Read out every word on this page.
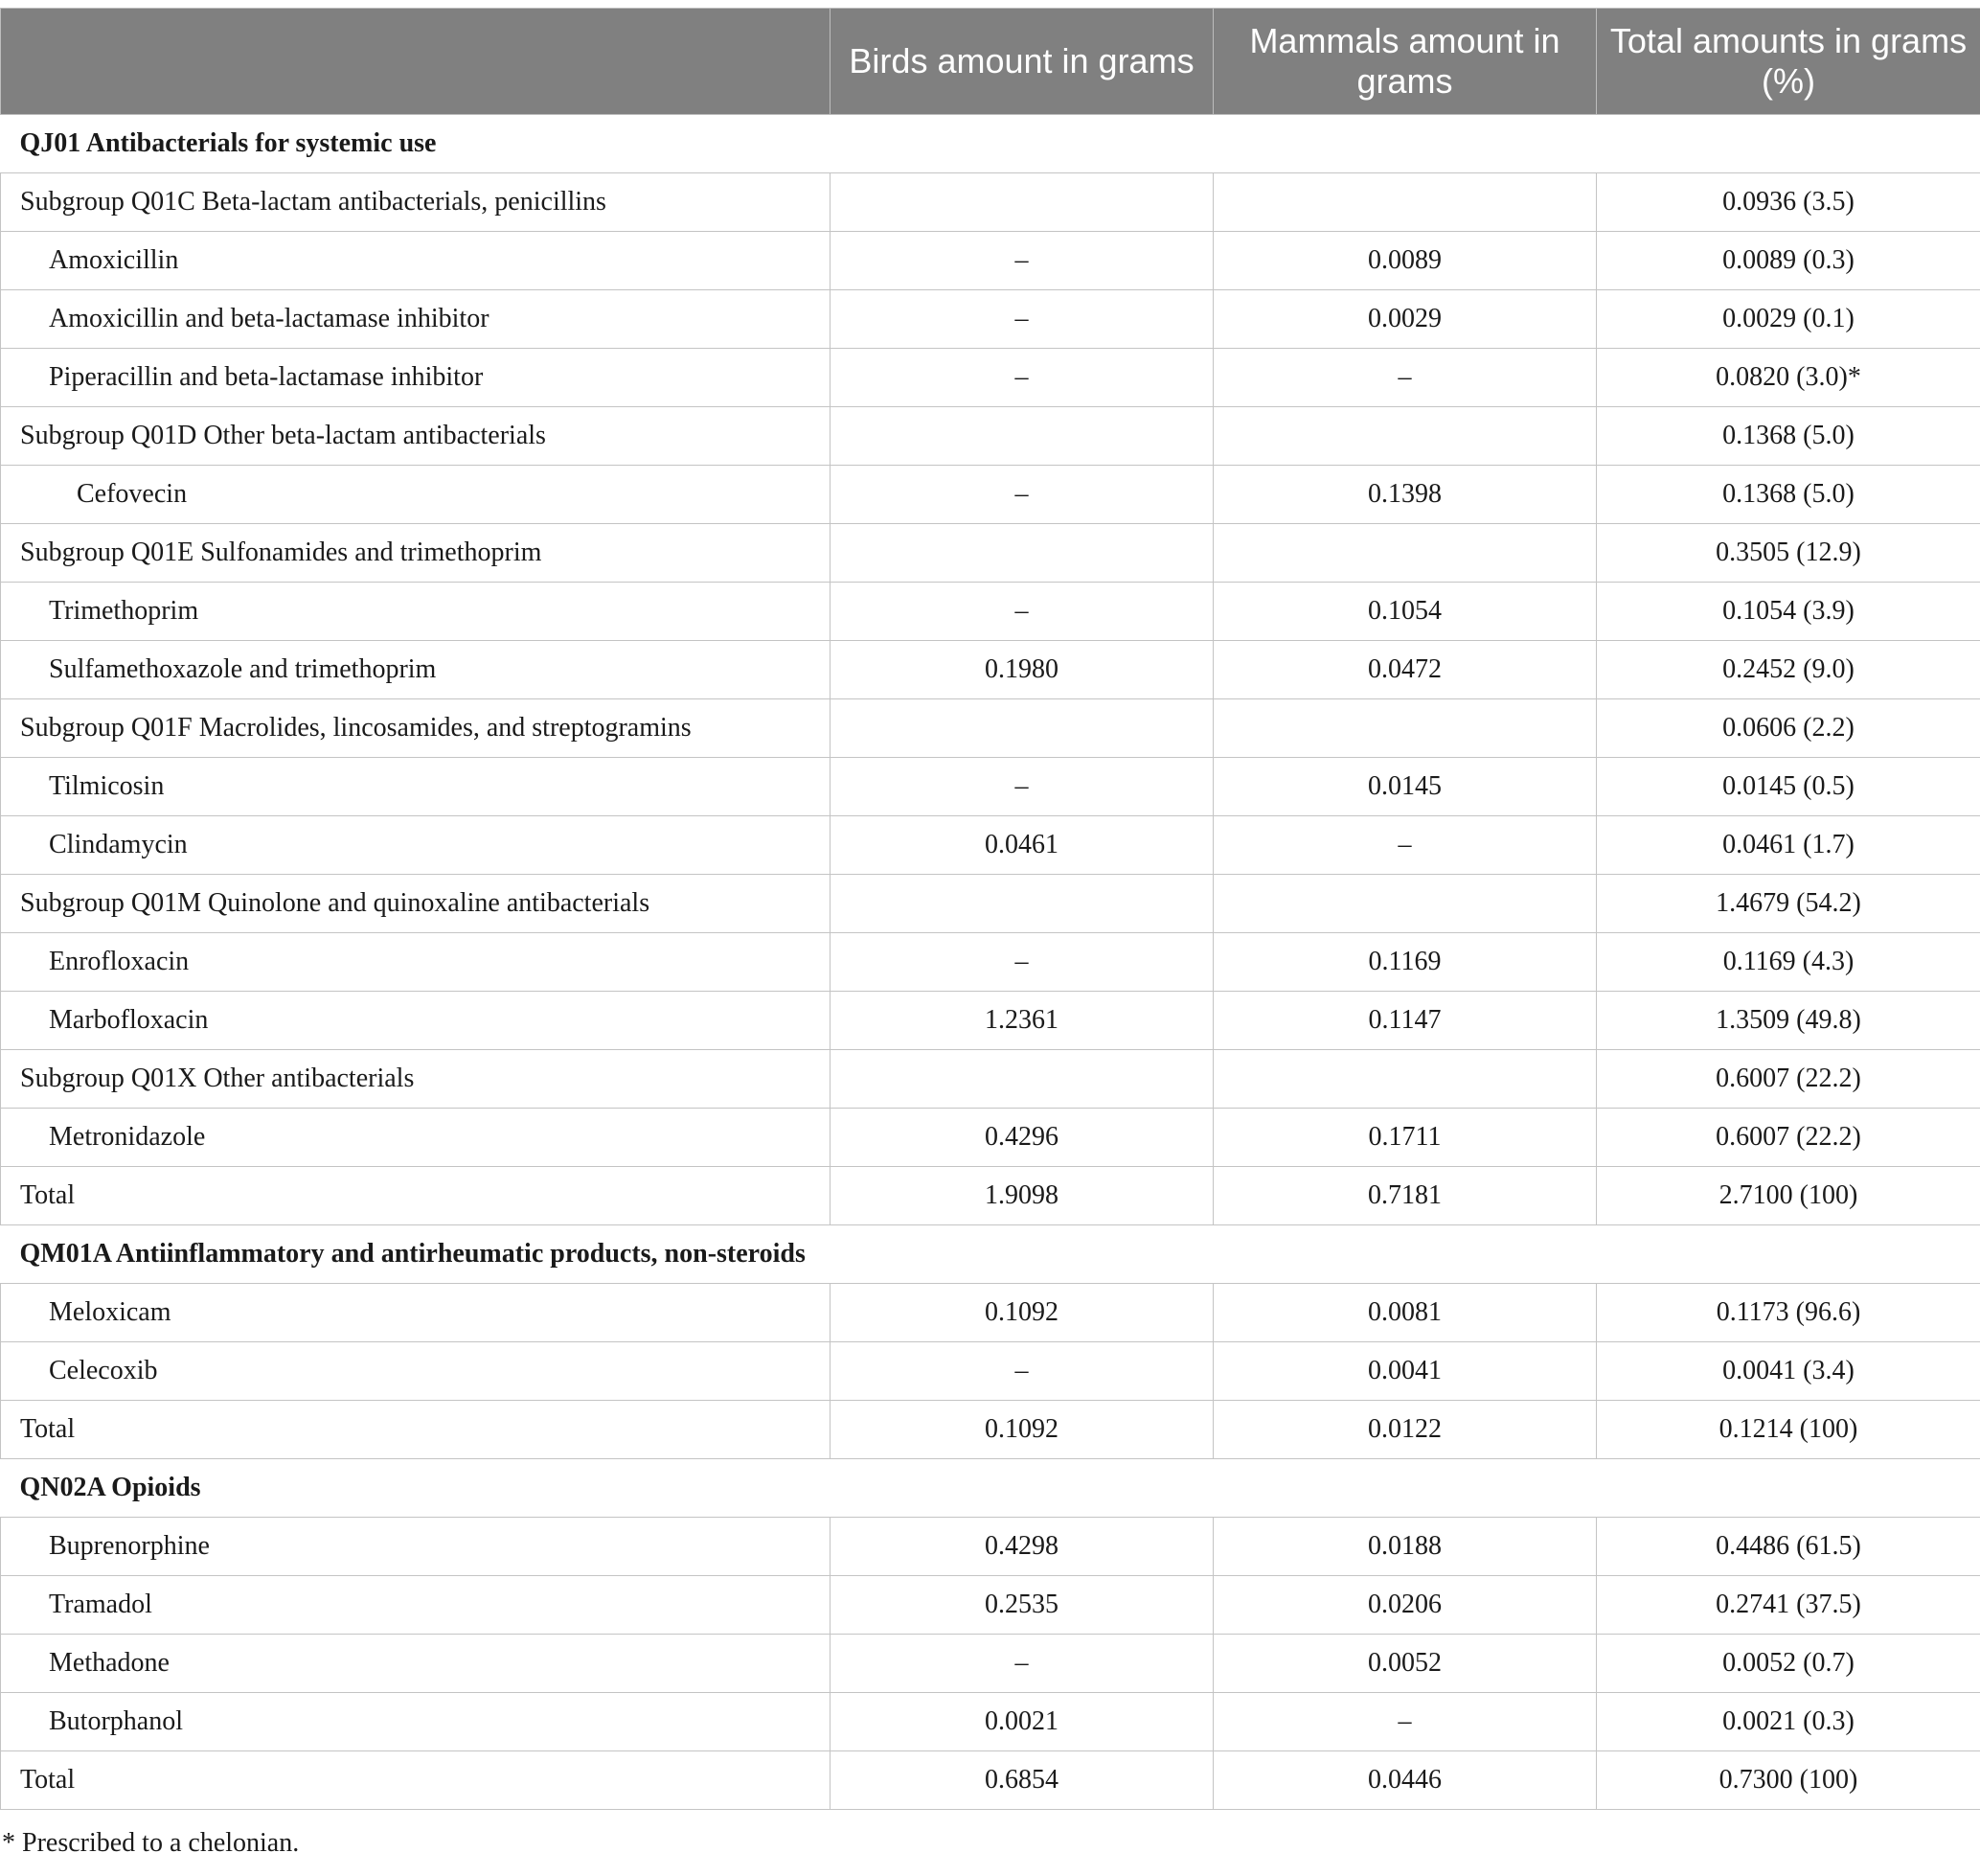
	Birds amount in grams	Mammals amount in grams	Total amounts in grams (%)
QJ01 Antibacterials for systemic use			
Subgroup Q01C Beta-lactam antibacterials, penicillins			0.0936 (3.5)
Amoxicillin	–	0.0089	0.0089 (0.3)
Amoxicillin and beta-lactamase inhibitor	–	0.0029	0.0029 (0.1)
Piperacillin and beta-lactamase inhibitor	–	–	0.0820 (3.0)*
Subgroup Q01D Other beta-lactam antibacterials			0.1368 (5.0)
Cefovecin	–	0.1398	0.1368 (5.0)
Subgroup Q01E Sulfonamides and trimethoprim			0.3505 (12.9)
Trimethoprim	–	0.1054	0.1054 (3.9)
Sulfamethoxazole and trimethoprim	0.1980	0.0472	0.2452 (9.0)
Subgroup Q01F Macrolides, lincosamides, and streptogramins			0.0606 (2.2)
Tilmicosin	–	0.0145	0.0145 (0.5)
Clindamycin	0.0461	–	0.0461 (1.7)
Subgroup Q01M Quinolone and quinoxaline antibacterials			1.4679 (54.2)
Enrofloxacin	–	0.1169	0.1169 (4.3)
Marbofloxacin	1.2361	0.1147	1.3509 (49.8)
Subgroup Q01X Other antibacterials			0.6007 (22.2)
Metronidazole	0.4296	0.1711	0.6007 (22.2)
Total	1.9098	0.7181	2.7100 (100)
QM01A Antiinflammatory and antirheumatic products, non-steroids			
Meloxicam	0.1092	0.0081	0.1173 (96.6)
Celecoxib	–	0.0041	0.0041 (3.4)
Total	0.1092	0.0122	0.1214 (100)
QN02A Opioids			
Buprenorphine	0.4298	0.0188	0.4486 (61.5)
Tramadol	0.2535	0.0206	0.2741 (37.5)
Methadone	–	0.0052	0.0052 (0.7)
Butorphanol	0.0021	–	0.0021 (0.3)
Total	0.6854	0.0446	0.7300 (100)
* Prescribed to a chelonian.
